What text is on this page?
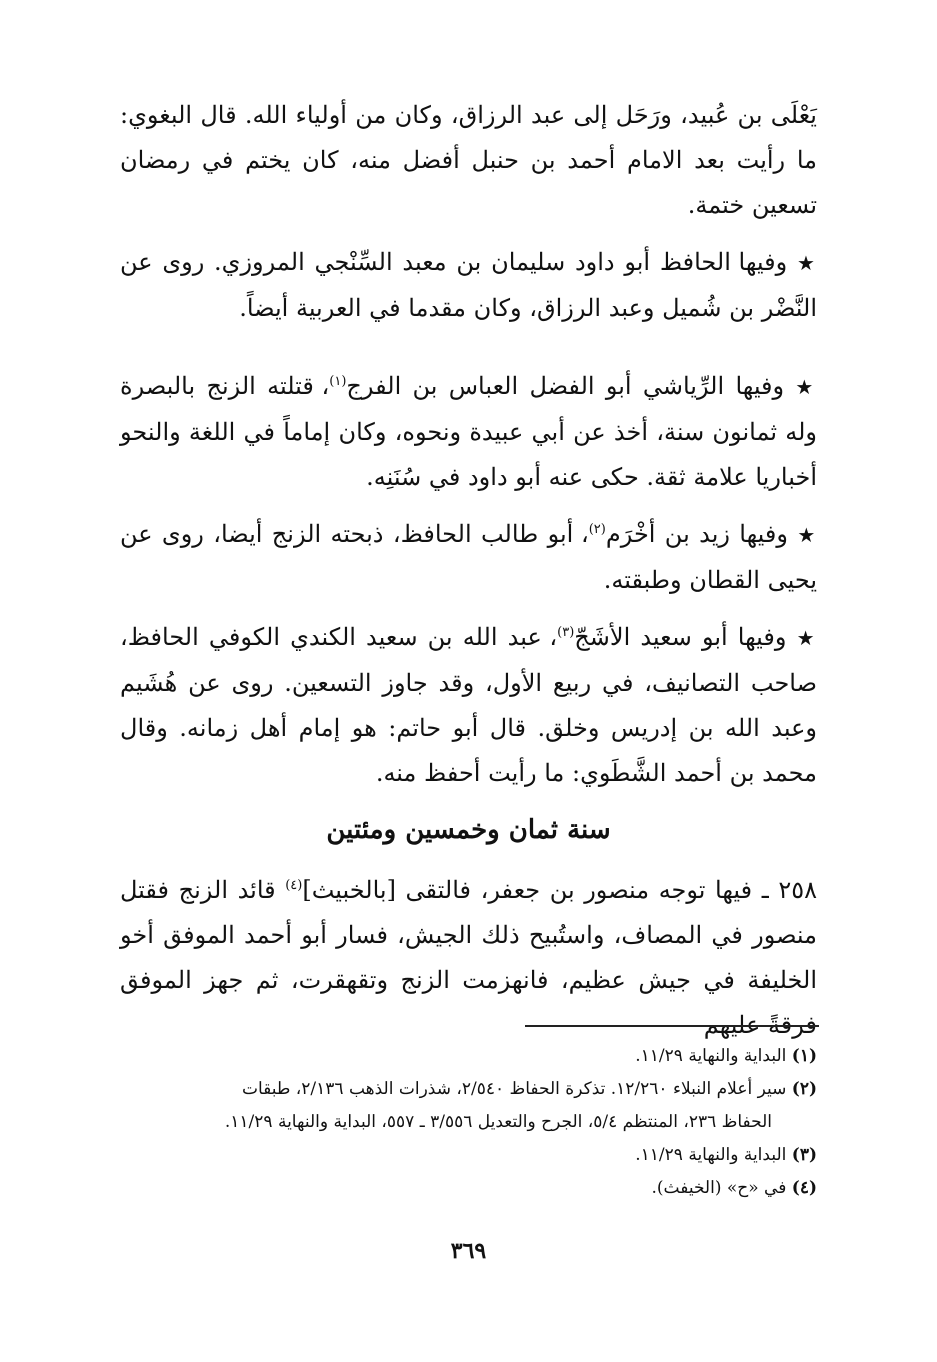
يَعْلَى بن عُبيد، ورَحَل إلى عبد الرزاق، وكان من أولياء الله. قال البغوي: ما رأيت بعد الامام أحمد بن حنبل أفضل منه، كان يختم في رمضان تسعين ختمة.

★ وفيها الحافظ أبو داود سليمان بن معبد السِّنْجي المروزي. روى عن النَّضْر بن شُميل وعبد الرزاق، وكان مقدما في العربية أيضاً.

★ وفيها الرِّياشي أبو الفضل العباس بن الفرج$^{(١)}$، قتلته الزنج بالبصرة وله ثمانون سنة، أخذ عن أبي عبيدة ونحوه، وكان إماماً في اللغة والنحو أخباريا علامة ثقة. حكى عنه أبو داود في سُنَنِه.

★ وفيها زيد بن أخْرَم$^{(٢)}$، أبو طالب الحافظ، ذبحته الزنج أيضا، روى عن يحيى القطان وطبقته.

★ وفيها أبو سعيد الأشَجّ$^{(٣)}$، عبد الله بن سعيد الكندي الكوفي الحافظ، صاحب التصانيف، في ربيع الأول، وقد جاوز التسعين. روى عن هُشَيم وعبد الله بن إدريس وخلق. قال أبو حاتم: هو إمام أهل زمانه. وقال محمد بن أحمد الشَّطَوي: ما رأيت أحفظ منه.

سنة ثمان وخمسين ومئتين

٢٥٨ ـ فيها توجه منصور بن جعفر، فالتقى [بالخبيث]$^{(٤)}$ قائد الزنج فقتل منصور في المصاف، واستُبيح ذلك الجيش، فسار أبو أحمد الموفق أخو الخليفة في جيش عظيم، فانهزمت الزنج وتقهقرت، ثم جهز الموفق فرقةً عليهم

(١) البداية والنهاية ١١/٢٩.
(٢) سير أعلام النبلاء ١٢/٢٦٠. تذكرة الحفاظ ٢/٥٤٠، شذرات الذهب ٢/١٣٦، طبقات
الحفاظ ٢٣٦، المنتظم ٥/٤، الجرح والتعديل ٣/٥٥٦ ـ ٥٥٧، البداية والنهاية ١١/٢٩.
(٣) البداية والنهاية ١١/٢٩.
(٤) في «ح» (الخيفث).
٣٦٩
